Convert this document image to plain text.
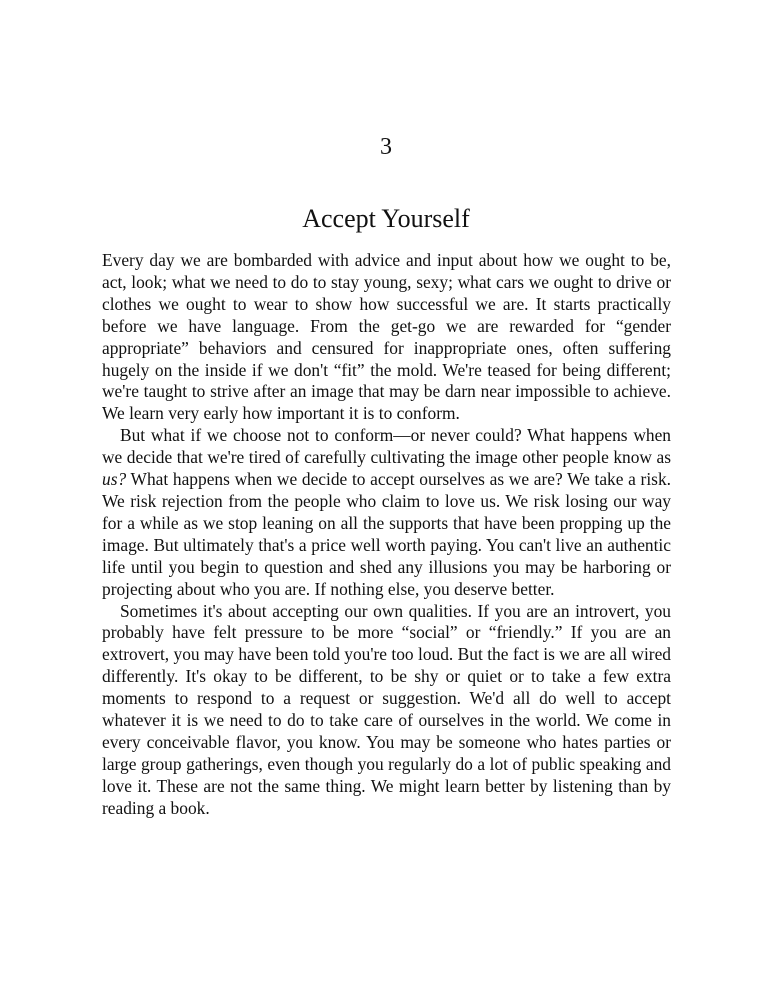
3
Accept Yourself

Every day we are bombarded with advice and input about how we ought to be, act, look; what we need to do to stay young, sexy; what cars we ought to drive or clothes we ought to wear to show how successful we are. It starts practically before we have language. From the get-go we are rewarded for “gender appropriate” behaviors and censured for inappropriate ones, often suffering hugely on the inside if we don't “fit” the mold. We're teased for being different; we're taught to strive after an image that may be darn near impossible to achieve. We learn very early how important it is to conform.

But what if we choose not to conform—or never could? What happens when we decide that we're tired of carefully cultivating the image other people know as us? What happens when we decide to accept ourselves as we are? We take a risk. We risk rejection from the people who claim to love us. We risk losing our way for a while as we stop leaning on all the supports that have been propping up the image. But ultimately that's a price well worth paying. You can't live an authentic life until you begin to question and shed any illusions you may be harboring or projecting about who you are. If nothing else, you deserve better.

Sometimes it's about accepting our own qualities. If you are an introvert, you probably have felt pressure to be more “social” or “friendly.” If you are an extrovert, you may have been told you're too loud. But the fact is we are all wired differently. It's okay to be different, to be shy or quiet or to take a few extra moments to respond to a request or suggestion. We'd all do well to accept whatever it is we need to do to take care of ourselves in the world. We come in every conceivable flavor, you know. You may be someone who hates parties or large group gatherings, even though you regularly do a lot of public speaking and love it. These are not the same thing. We might learn better by listening than by reading a book.
